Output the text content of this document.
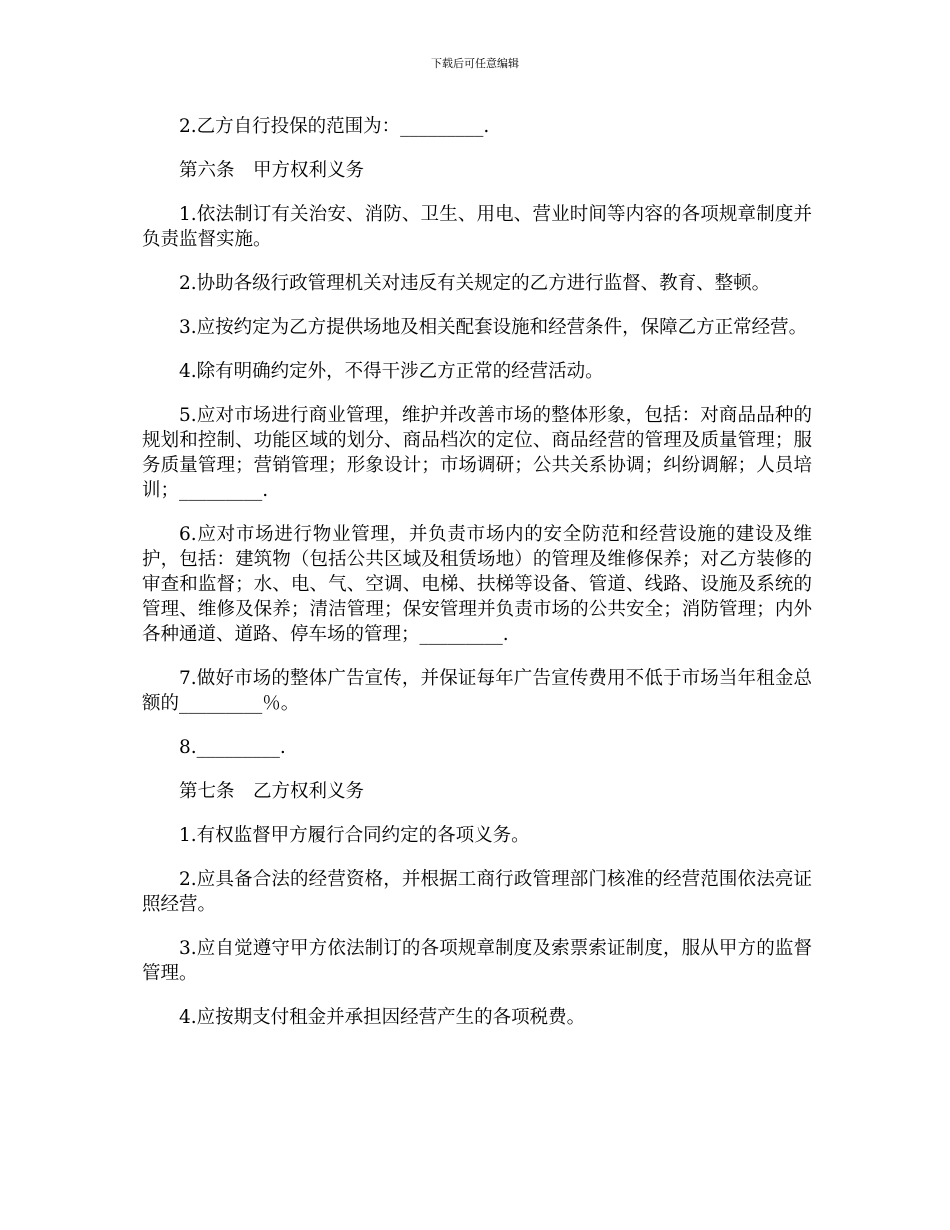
下载后可任意编辑

2.乙方自行投保的范围为：_________.

第六条　甲方权利义务

1.依法制订有关治安、消防、卫生、用电、营业时间等内容的各项规章制度并负责监督实施。

2.协助各级行政管理机关对违反有关规定的乙方进行监督、教育、整顿。

3.应按约定为乙方提供场地及相关配套设施和经营条件，保障乙方正常经营。

4.除有明确约定外，不得干涉乙方正常的经营活动。

5.应对市场进行商业管理，维护并改善市场的整体形象，包括：对商品品种的规划和控制、功能区域的划分、商品档次的定位、商品经营的管理及质量管理；服务质量管理；营销管理；形象设计；市场调研；公共关系协调；纠纷调解；人员培训；_________.

6.应对市场进行物业管理，并负责市场内的安全防范和经营设施的建设及维护，包括：建筑物（包括公共区域及租赁场地）的管理及维修保养；对乙方装修的审查和监督；水、电、气、空调、电梯、扶梯等设备、管道、线路、设施及系统的管理、维修及保养；清洁管理；保安管理并负责市场的公共安全；消防管理；内外各种通道、道路、停车场的管理；_________.

7.做好市场的整体广告宣传，并保证每年广告宣传费用不低于市场当年租金总额的_________％。

8._________.

第七条　乙方权利义务

1.有权监督甲方履行合同约定的各项义务。

2.应具备合法的经营资格，并根据工商行政管理部门核准的经营范围依法亮证照经营。

3.应自觉遵守甲方依法制订的各项规章制度及索票索证制度，服从甲方的监督管理。

4.应按期支付租金并承担因经营产生的各项税费。
